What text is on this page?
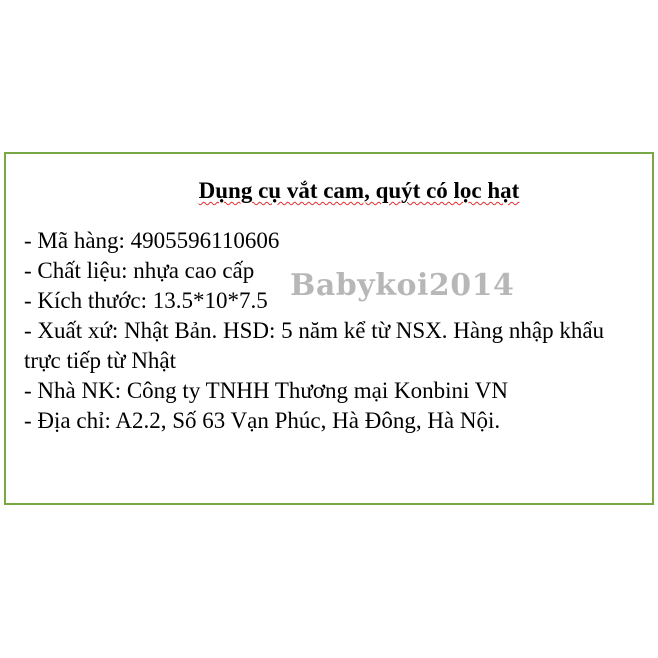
Dụng cụ vắt cam, quýt có lọc hạt
- Mã hàng: 4905596110606
- Chất liệu: nhựa cao cấp
- Kích thước: 13.5*10*7.5
- Xuất xứ: Nhật Bản. HSD: 5 năm kể từ NSX. Hàng nhập khẩu
trực tiếp từ Nhật
- Nhà NK: Công ty TNHH Thương mại Konbini VN
- Địa chỉ: A2.2, Số 63 Vạn Phúc, Hà Đông, Hà Nội.
Babykoi2014
